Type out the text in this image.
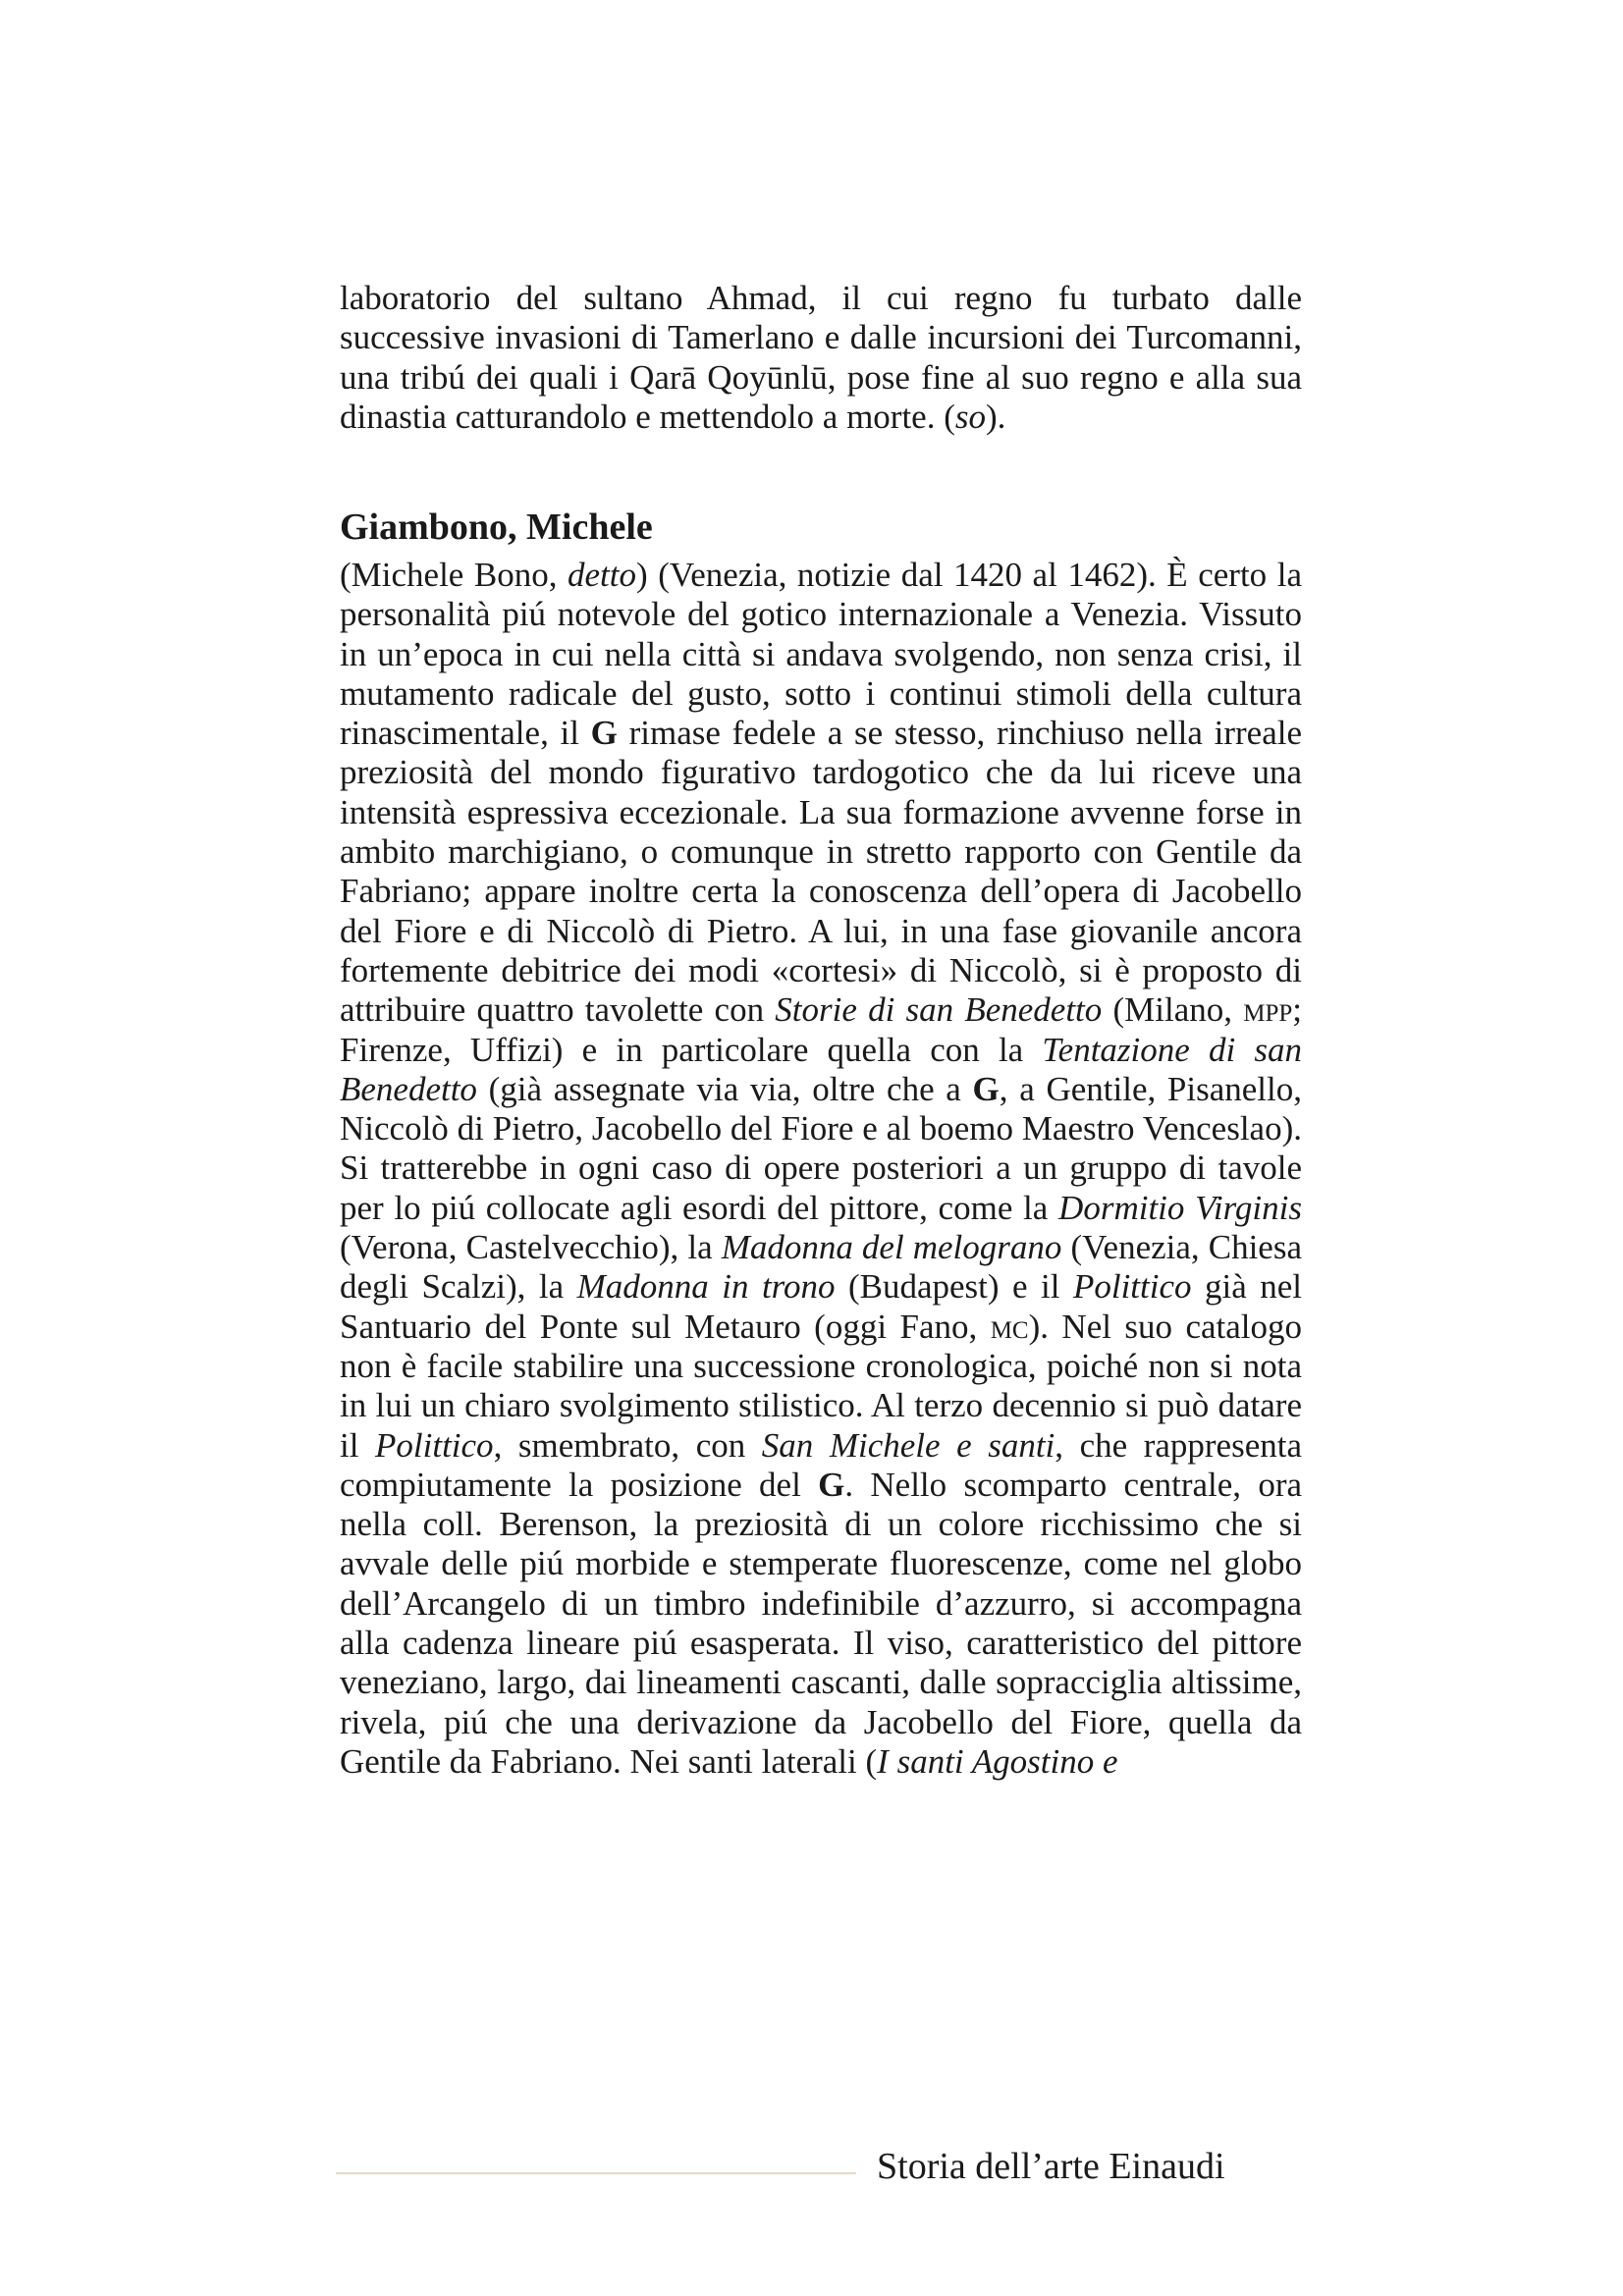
laboratorio del sultano Ahmad, il cui regno fu turbato dalle successive invasioni di Tamerlano e dalle incursioni dei Turcomanni, una tribú dei quali i Qarā Qoyūnlū, pose fine al suo regno e alla sua dinastia catturandolo e mettendolo a morte. (so).

Giambono, Michele

(Michele Bono, detto) (Venezia, notizie dal 1420 al 1462). È certo la personalità piú notevole del gotico internazionale a Venezia. Vissuto in un’epoca in cui nella città si andava svolgendo, non senza crisi, il mutamento radicale del gusto, sotto i continui stimoli della cultura rinascimentale, il G rimase fedele a se stesso, rinchiuso nella irreale preziosità del mondo figurativo tardogotico che da lui riceve una intensità espressiva eccezionale. La sua formazione avvenne forse in ambito marchigiano, o comunque in stretto rapporto con Gentile da Fabriano; appare inoltre certa la conoscenza dell’opera di Jacobello del Fiore e di Niccolò di Pietro. A lui, in una fase giovanile ancora fortemente debitrice dei modi «cortesi» di Niccolò, si è proposto di attribuire quattro tavolette con Storie di san Benedetto (Milano, mpp; Firenze, Uffizi) e in particolare quella con la Tentazione di san Benedetto (già assegnate via via, oltre che a G, a Gentile, Pisanello, Niccolò di Pietro, Jacobello del Fiore e al boemo Maestro Venceslao). Si tratterebbe in ogni caso di opere posteriori a un gruppo di tavole per lo piú collocate agli esordi del pittore, come la Dormitio Virginis (Verona, Castelvecchio), la Madonna del melograno (Venezia, Chiesa degli Scalzi), la Madonna in trono (Budapest) e il Polittico già nel Santuario del Ponte sul Metauro (oggi Fano, mc). Nel suo catalogo non è facile stabilire una successione cronologica, poiché non si nota in lui un chiaro svolgimento stilistico. Al terzo decennio si può datare il Polittico, smembrato, con San Michele e santi, che rappresenta compiutamente la posizione del G. Nello scomparto centrale, ora nella coll. Berenson, la preziosità di un colore ricchissimo che si avvale delle piú morbide e stemperate fluorescenze, come nel globo dell’Arcangelo di un timbro indefinibile d’azzurro, si accompagna alla cadenza lineare piú esasperata. Il viso, caratteristico del pittore veneziano, largo, dai lineamenti cascanti, dalle sopracciglia altissime, rivela, piú che una derivazione da Jacobello del Fiore, quella da Gentile da Fabriano. Nei santi laterali (I santi Agostino e

Storia dell’arte Einaudi
